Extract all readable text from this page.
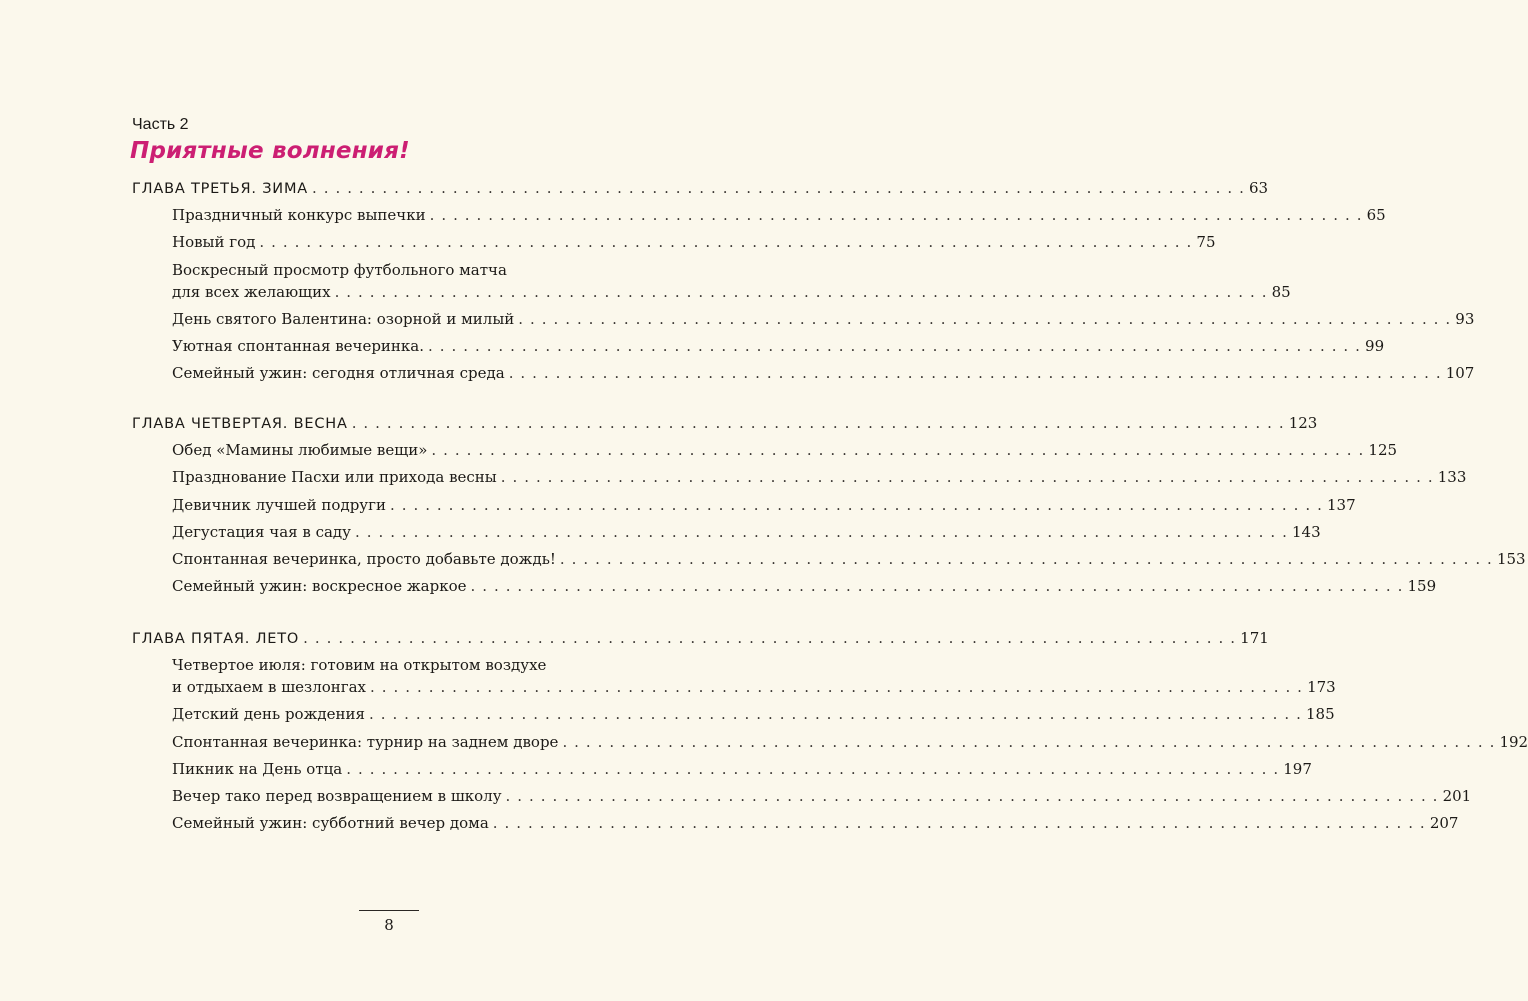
Часть 2
Приятные волнения!
ГЛАВА ТРЕТЬЯ. ЗИМА . . . . . . . . . . . . . . . . . . . . . . . . . . . . . . . . . . . . . . . . . . . . . . . . . . . . . . . . . . . . . . . . . . . . . . . . . . . . . . . . 63
Праздничный конкурс выпечки . . . . . . . . . . . . . . . . . . . . . . . . . . . . . . . . . . . . . . . . . . . . . . . . . . . . . . . . . . . . . . . . . . . . . . . . . . . . . . . . 65
Новый год . . . . . . . . . . . . . . . . . . . . . . . . . . . . . . . . . . . . . . . . . . . . . . . . . . . . . . . . . . . . . . . . . . . . . . . . . . . . . . . . 75
Воскресный просмотр футбольного матча
для всех желающих . . . . . . . . . . . . . . . . . . . . . . . . . . . . . . . . . . . . . . . . . . . . . . . . . . . . . . . . . . . . . . . . . . . . . . . . . . . . . . . . 85
День святого Валентина: озорной и милый . . . . . . . . . . . . . . . . . . . . . . . . . . . . . . . . . . . . . . . . . . . . . . . . . . . . . . . . . . . . . . . . . . . . . . . . . . . . . . . . 93
Уютная спонтанная вечеринка. . . . . . . . . . . . . . . . . . . . . . . . . . . . . . . . . . . . . . . . . . . . . . . . . . . . . . . . . . . . . . . . . . . . . . . . . . . . . . . . . 99
Семейный ужин: сегодня отличная среда . . . . . . . . . . . . . . . . . . . . . . . . . . . . . . . . . . . . . . . . . . . . . . . . . . . . . . . . . . . . . . . . . . . . . . . . . . . . . . . . 107
ГЛАВА ЧЕТВЕРТАЯ. ВЕСНА . . . . . . . . . . . . . . . . . . . . . . . . . . . . . . . . . . . . . . . . . . . . . . . . . . . . . . . . . . . . . . . . . . . . . . . . . . . . . . . . 123
Обед «Мамины любимые вещи» . . . . . . . . . . . . . . . . . . . . . . . . . . . . . . . . . . . . . . . . . . . . . . . . . . . . . . . . . . . . . . . . . . . . . . . . . . . . . . . . 125
Празднование Пасхи или прихода весны . . . . . . . . . . . . . . . . . . . . . . . . . . . . . . . . . . . . . . . . . . . . . . . . . . . . . . . . . . . . . . . . . . . . . . . . . . . . . . . . 133
Девичник лучшей подруги . . . . . . . . . . . . . . . . . . . . . . . . . . . . . . . . . . . . . . . . . . . . . . . . . . . . . . . . . . . . . . . . . . . . . . . . . . . . . . . . 137
Дегустация чая в саду . . . . . . . . . . . . . . . . . . . . . . . . . . . . . . . . . . . . . . . . . . . . . . . . . . . . . . . . . . . . . . . . . . . . . . . . . . . . . . . . 143
Спонтанная вечеринка, просто добавьте дождь! . . . . . . . . . . . . . . . . . . . . . . . . . . . . . . . . . . . . . . . . . . . . . . . . . . . . . . . . . . . . . . . . . . . . . . . . . . . . . . . . 153
Семейный ужин: воскресное жаркое . . . . . . . . . . . . . . . . . . . . . . . . . . . . . . . . . . . . . . . . . . . . . . . . . . . . . . . . . . . . . . . . . . . . . . . . . . . . . . . . 159
ГЛАВА ПЯТАЯ. ЛЕТО . . . . . . . . . . . . . . . . . . . . . . . . . . . . . . . . . . . . . . . . . . . . . . . . . . . . . . . . . . . . . . . . . . . . . . . . . . . . . . . . 171
Четвертое июля: готовим на открытом воздухе
и отдыхаем в шезлонгах . . . . . . . . . . . . . . . . . . . . . . . . . . . . . . . . . . . . . . . . . . . . . . . . . . . . . . . . . . . . . . . . . . . . . . . . . . . . . . . . 173
Детский день рождения . . . . . . . . . . . . . . . . . . . . . . . . . . . . . . . . . . . . . . . . . . . . . . . . . . . . . . . . . . . . . . . . . . . . . . . . . . . . . . . . 185
Спонтанная вечеринка: турнир на заднем дворе . . . . . . . . . . . . . . . . . . . . . . . . . . . . . . . . . . . . . . . . . . . . . . . . . . . . . . . . . . . . . . . . . . . . . . . . . . . . . . . . 192
Пикник на День отца . . . . . . . . . . . . . . . . . . . . . . . . . . . . . . . . . . . . . . . . . . . . . . . . . . . . . . . . . . . . . . . . . . . . . . . . . . . . . . . . 197
Вечер тако перед возвращением в школу . . . . . . . . . . . . . . . . . . . . . . . . . . . . . . . . . . . . . . . . . . . . . . . . . . . . . . . . . . . . . . . . . . . . . . . . . . . . . . . . 201
Семейный ужин: субботний вечер дома . . . . . . . . . . . . . . . . . . . . . . . . . . . . . . . . . . . . . . . . . . . . . . . . . . . . . . . . . . . . . . . . . . . . . . . . . . . . . . . . 207
8
